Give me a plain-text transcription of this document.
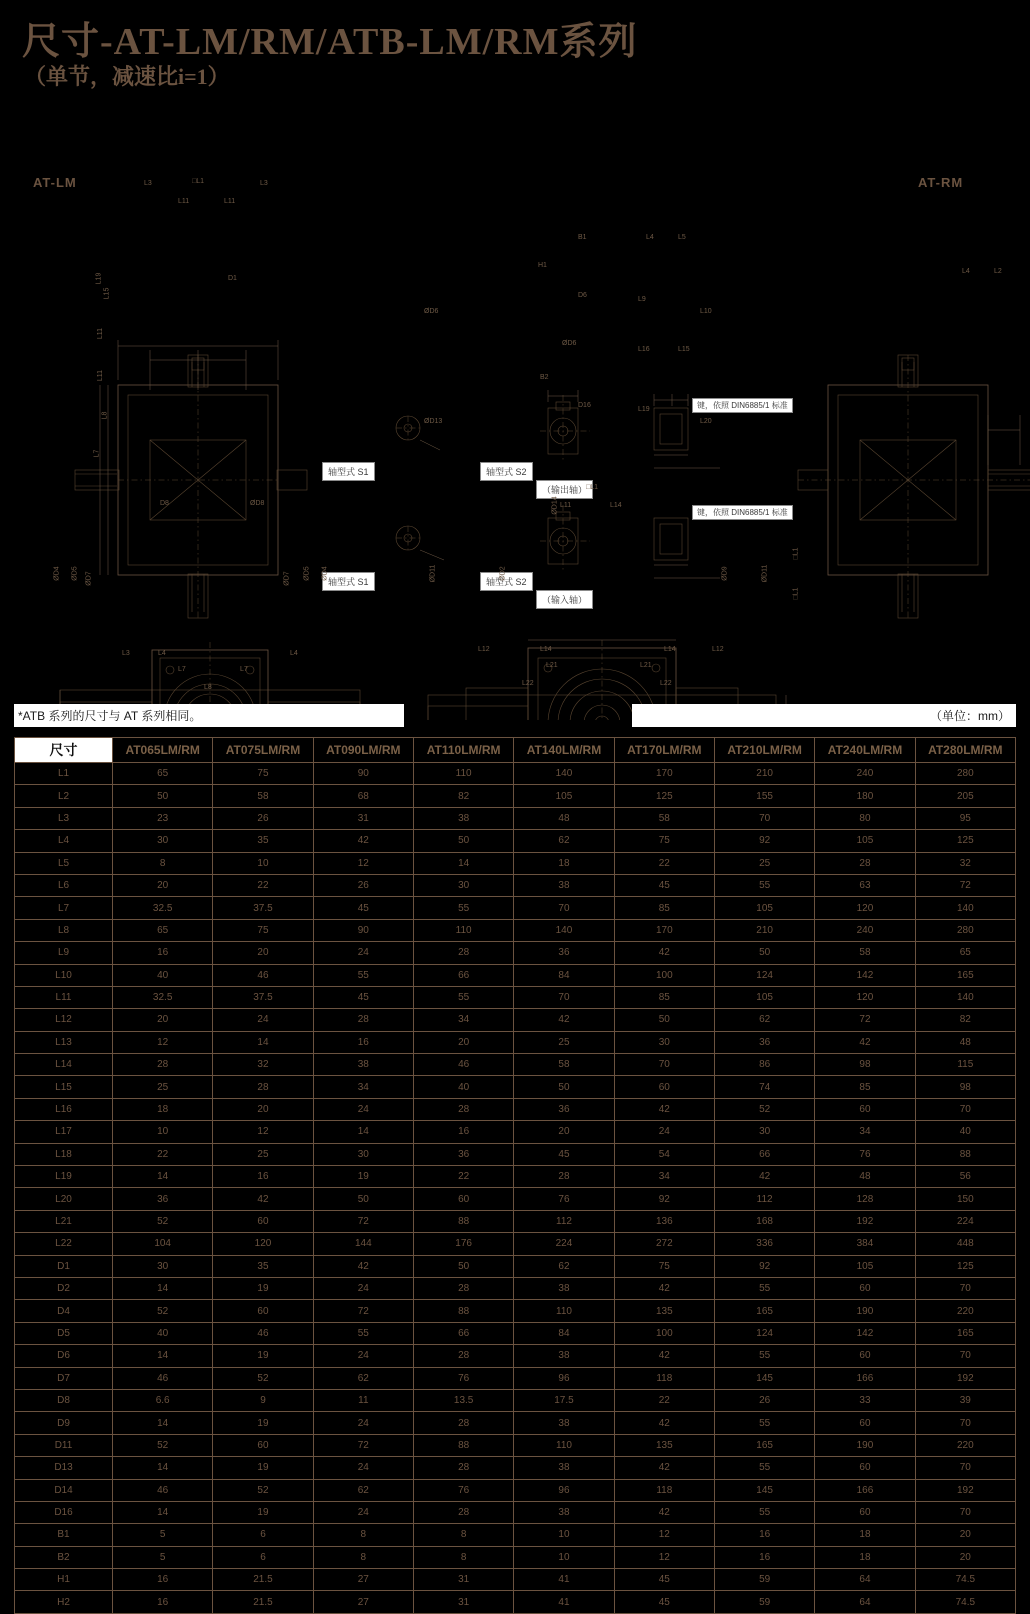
尺寸-AT-LM/RM/ATB-LM/RM系列
（单节，减速比i=1）
AT-LM	AT-RM
轴型式 S1	轴型式 S2
（输出轴）
轴型式 S1	轴型式 S2
（输入轴）
键，依照 DIN6885/1 标准
键，依照 DIN6885/1 标准
L3	□L1	L3
L11	L11
D1
L19
L15
L11
L11
L8
L7
B1
H1
D6
ØD6
ØD6
L4	L5
L9
L10
L16	L15
L19
L20
B2
D16
ØD13
L4	L2
D8	ØD8
ØD4 ØD5 ØD7	ØD7 ØD5 ØD4
L3	L4
L7	L7
L4
L8
□L1
L11	L14
ØD14
ØD11	ØD2	ØD9	ØD11
□L1
□L1
L12	L14
L21	L21
L14	L12
L22	L22
*ATB 系列的尺寸与 AT 系列相同。	（单位：mm）
尺寸	AT065LM/RM	AT075LM/RM	AT090LM/RM	AT110LM/RM	AT140LM/RM	AT170LM/RM	AT210LM/RM	AT240LM/RM	AT280LM/RM
L1	65	75	90	110	140	170	210	240	280
L2	50	58	68	82	105	125	155	180	205
L3	23	26	31	38	48	58	70	80	95
L4	30	35	42	50	62	75	92	105	125
L5	8	10	12	14	18	22	25	28	32
L6	20	22	26	30	38	45	55	63	72
L7	32.5	37.5	45	55	70	85	105	120	140
L8	65	75	90	110	140	170	210	240	280
L9	16	20	24	28	36	42	50	58	65
L10	40	46	55	66	84	100	124	142	165
L11	32.5	37.5	45	55	70	85	105	120	140
L12	20	24	28	34	42	50	62	72	82
L13	12	14	16	20	25	30	36	42	48
L14	28	32	38	46	58	70	86	98	115
L15	25	28	34	40	50	60	74	85	98
L16	18	20	24	28	36	42	52	60	70
L17	10	12	14	16	20	24	30	34	40
L18	22	25	30	36	45	54	66	76	88
L19	14	16	19	22	28	34	42	48	56
L20	36	42	50	60	76	92	112	128	150
L21	52	60	72	88	112	136	168	192	224
L22	104	120	144	176	224	272	336	384	448
D1	30	35	42	50	62	75	92	105	125
D2	14	19	24	28	38	42	55	60	70
D4	52	60	72	88	110	135	165	190	220
D5	40	46	55	66	84	100	124	142	165
D6	14	19	24	28	38	42	55	60	70
D7	46	52	62	76	96	118	145	166	192
D8	6.6	9	11	13.5	17.5	22	26	33	39
D9	14	19	24	28	38	42	55	60	70
D11	52	60	72	88	110	135	165	190	220
D13	14	19	24	28	38	42	55	60	70
D14	46	52	62	76	96	118	145	166	192
D16	14	19	24	28	38	42	55	60	70
B1	5	6	8	8	10	12	16	18	20
B2	5	6	8	8	10	12	16	18	20
H1	16	21.5	27	31	41	45	59	64	74.5
H2	16	21.5	27	31	41	45	59	64	74.5
